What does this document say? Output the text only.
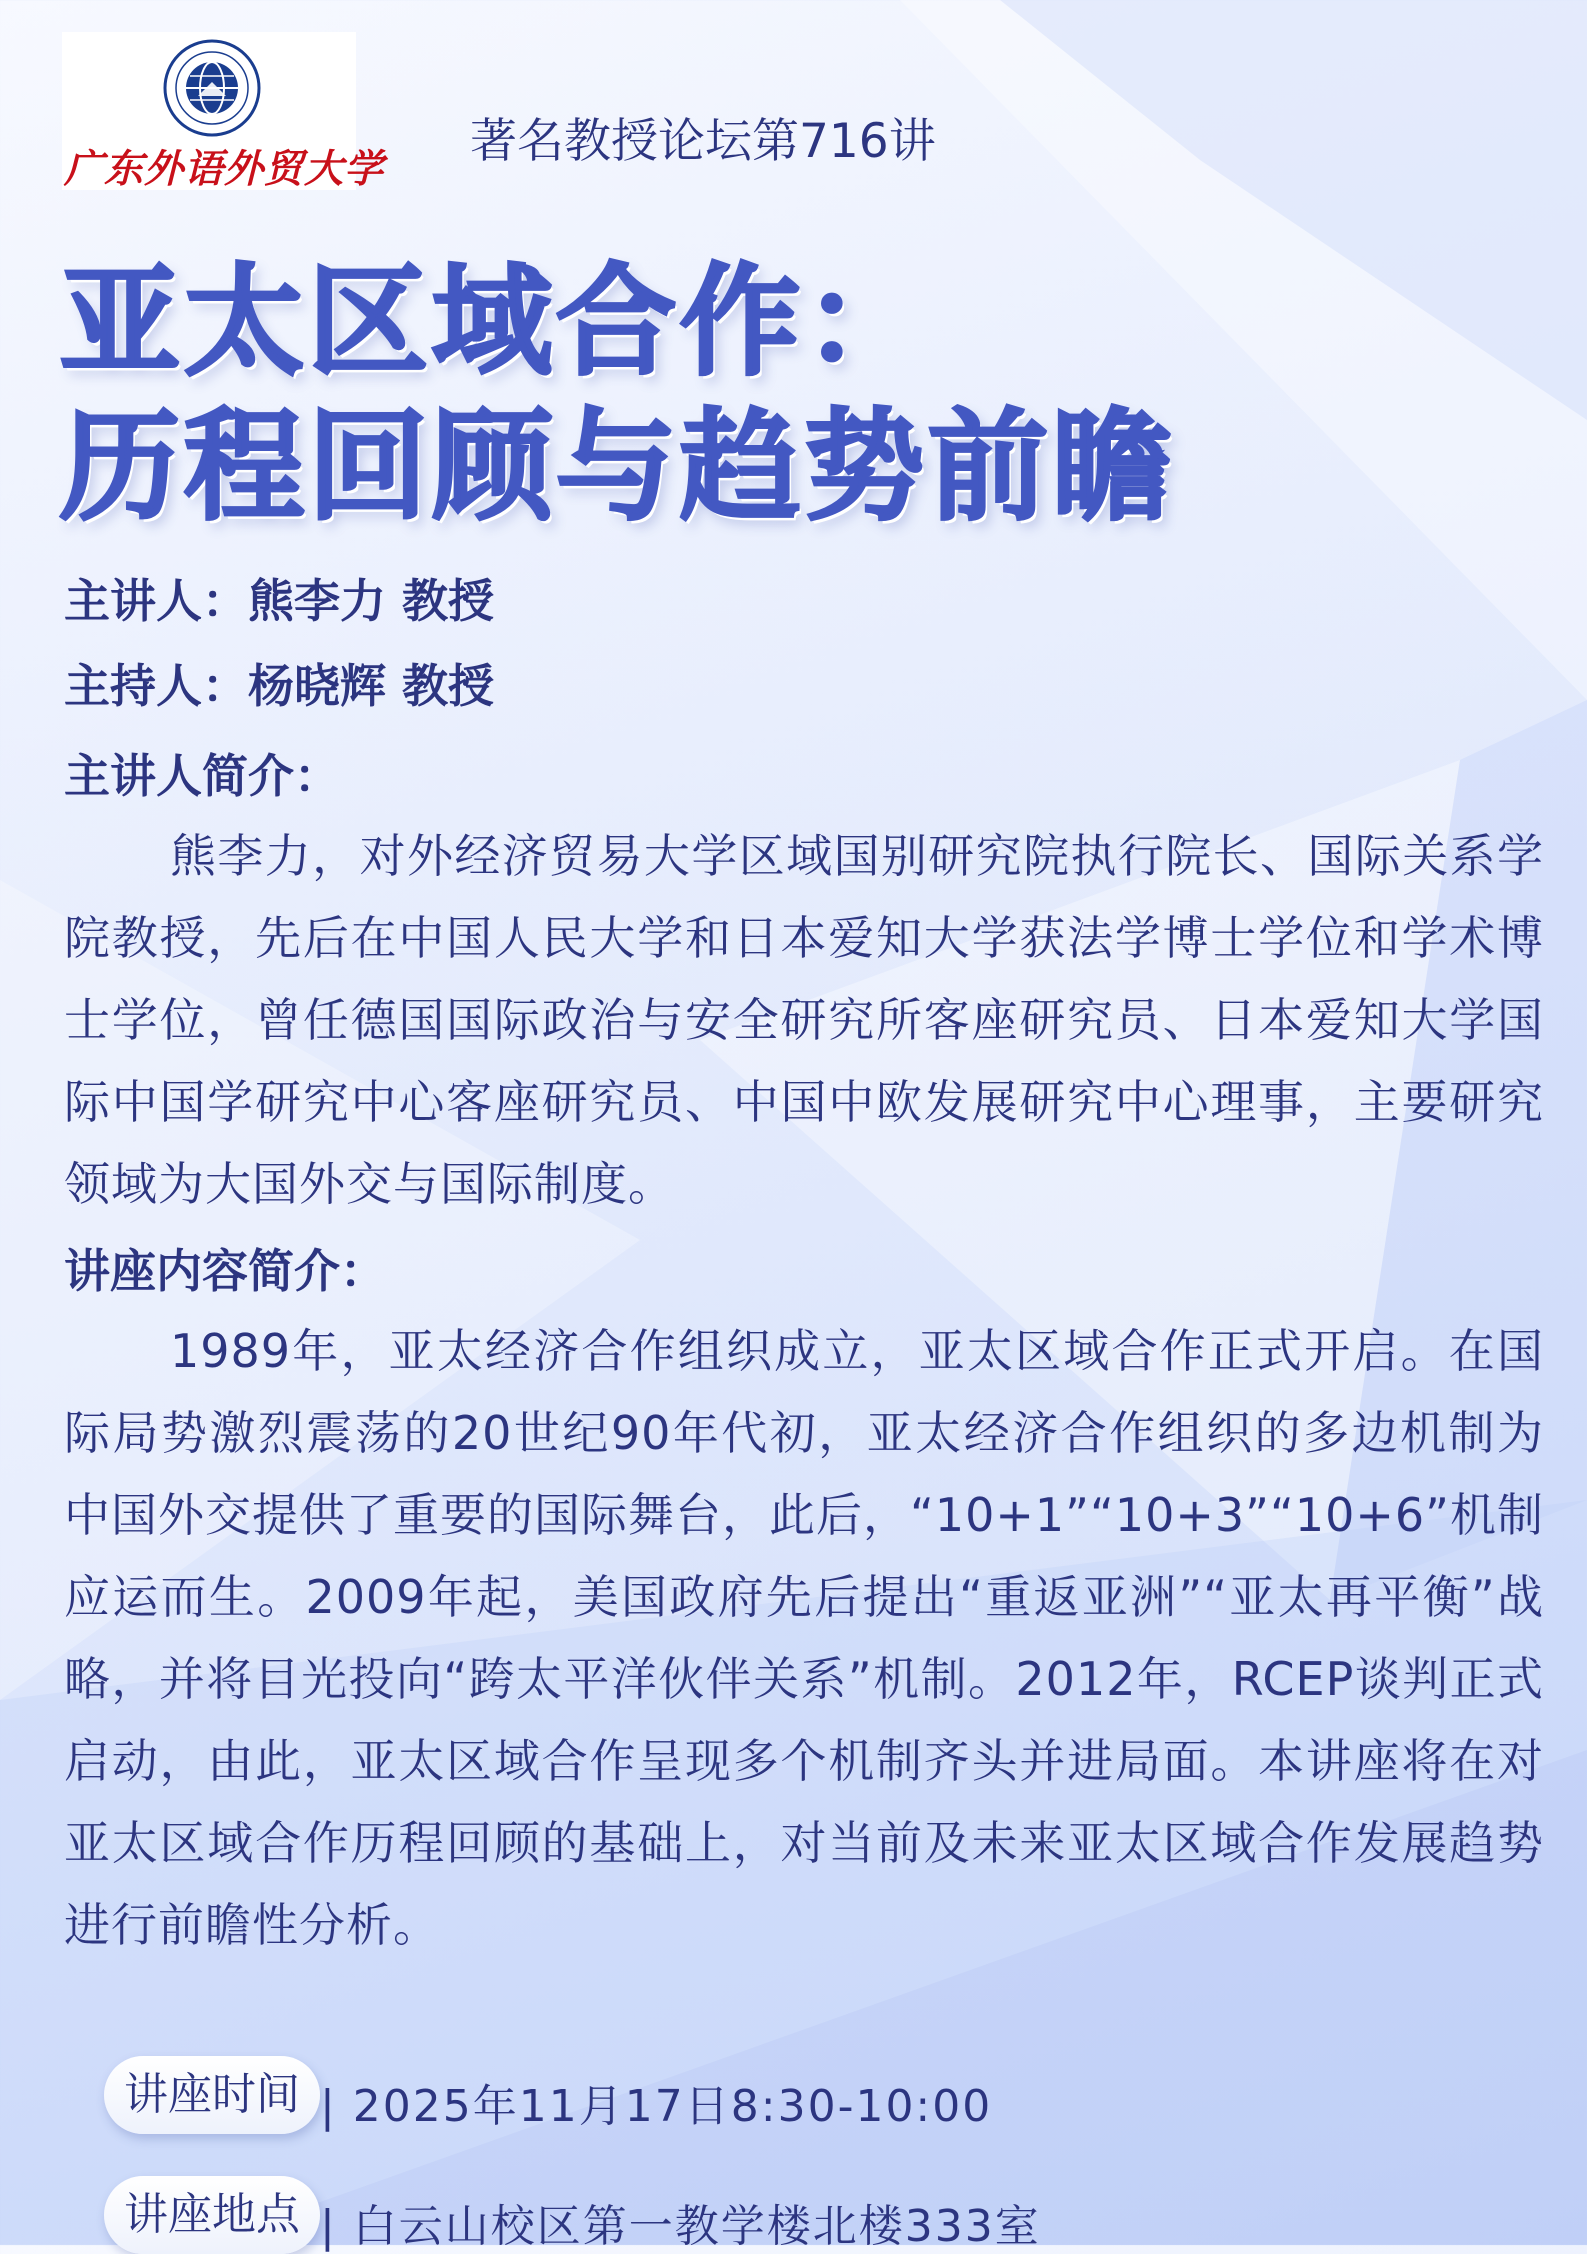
广东外语外贸大学 著名教授论坛第716讲
亚太区域合作：
历程回顾与趋势前瞻
主讲人：熊李力 教授
主持人：杨晓辉 教授
主讲人简介：
熊李力，对外经济贸易大学区域国别研究院执行院长、国际关系学院教授，先后在中国人民大学和日本爱知大学获法学博士学位和学术博士学位，曾任德国国际政治与安全研究所客座研究员、日本爱知大学国际中国学研究中心客座研究员、中国中欧发展研究中心理事，主要研究领域为大国外交与国际制度。
讲座内容简介：
1989年，亚太经济合作组织成立，亚太区域合作正式开启。在国际局势激烈震荡的20世纪90年代初，亚太经济合作组织的多边机制为中国外交提供了重要的国际舞台，此后，“10+1”“10+3”“10+6”机制应运而生。2009年起，美国政府先后提出“重返亚洲”“亚太再平衡”战略，并将目光投向“跨太平洋伙伴关系”机制。2012年，RCEP谈判正式启动，由此，亚太区域合作呈现多个机制齐头并进局面。本讲座将在对亚太区域合作历程回顾的基础上，对当前及未来亚太区域合作发展趋势进行前瞻性分析。
讲座时间 | 2025年11月17日8:30-10:00
讲座地点 | 白云山校区第一教学楼北楼333室
